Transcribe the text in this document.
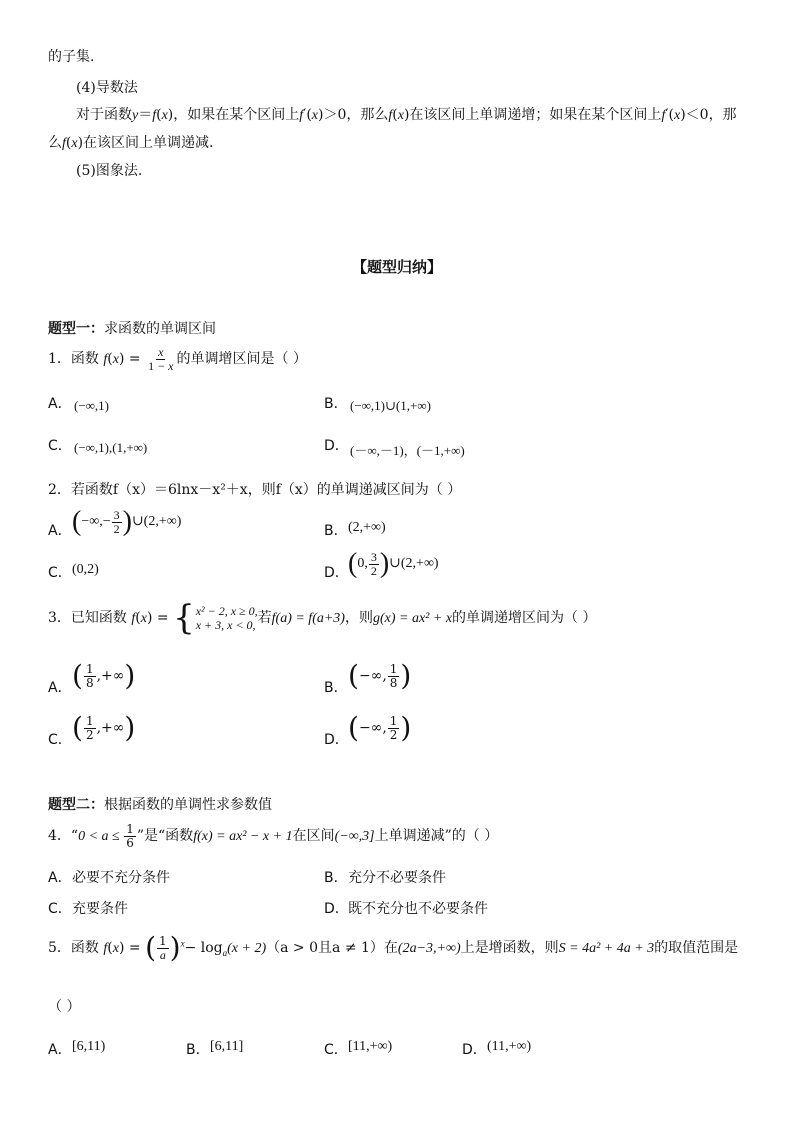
的子集.
(4)导数法
对于函数y＝f(x)，如果在某个区间上f′(x)＞0，那么f(x)在该区间上单调递增；如果在某个区间上f′(x)＜0，那
么f(x)在该区间上单调递减.
(5)图象法.
【题型归纳】
题型一：求函数的单调区间
1．函数 $f(x) = \frac{x}{1 - x}$ 的单调增区间是（ ）
A． (−∞,1)	B． (−∞,1)∪(1,+∞)
C． (−∞,1),(1,+∞)	D． (－∞,－1)，(－1,+∞)
2．若函数f（x）＝6lnx－x²＋x，则f（x）的单调递减区间为（ ）
A． (−∞,− $\frac{3}{2}$ )∪(2,+∞)
B． (2,+∞)
C． (0,2)	D． (0, $\frac{3}{2}$ )∪(2,+∞)
3．已知函数 f(x) = { x² − 2, x ≥ 0,
x + 3, x < 0, 若f(a) = f(a+3)，则g(x) = ax² + x的单调递增区间为（ ）
A． ( $\frac{1}{8}$ ,+∞)	B． (−∞, $\frac{1}{8}$ )
C． ( $\frac{1}{2}$ ,+∞)	D． (−∞, $\frac{1}{2}$ )
题型二：根据函数的单调性求参数值
4．“$0 < a \le \frac{1}{6}$ ”是“函数f(x) = ax² − x + 1在区间(−∞,3]上单调递减”的（ ）
A． 必要不充分条件	B． 充分不必要条件
C． 充要条件	D． 既不充分也不必要条件
5．函数 f(x) = ( $\frac{1}{a} )^x- \log_a(x + 2)(a > 0$且a ≠ 1）在(2a−3,+∞)上是增函数，则S = 4a² + 4a + 3的取值范围是
（ ）
A． [6,11)	B． [6,11]	C． [11,+∞)	D． (11,+∞)
